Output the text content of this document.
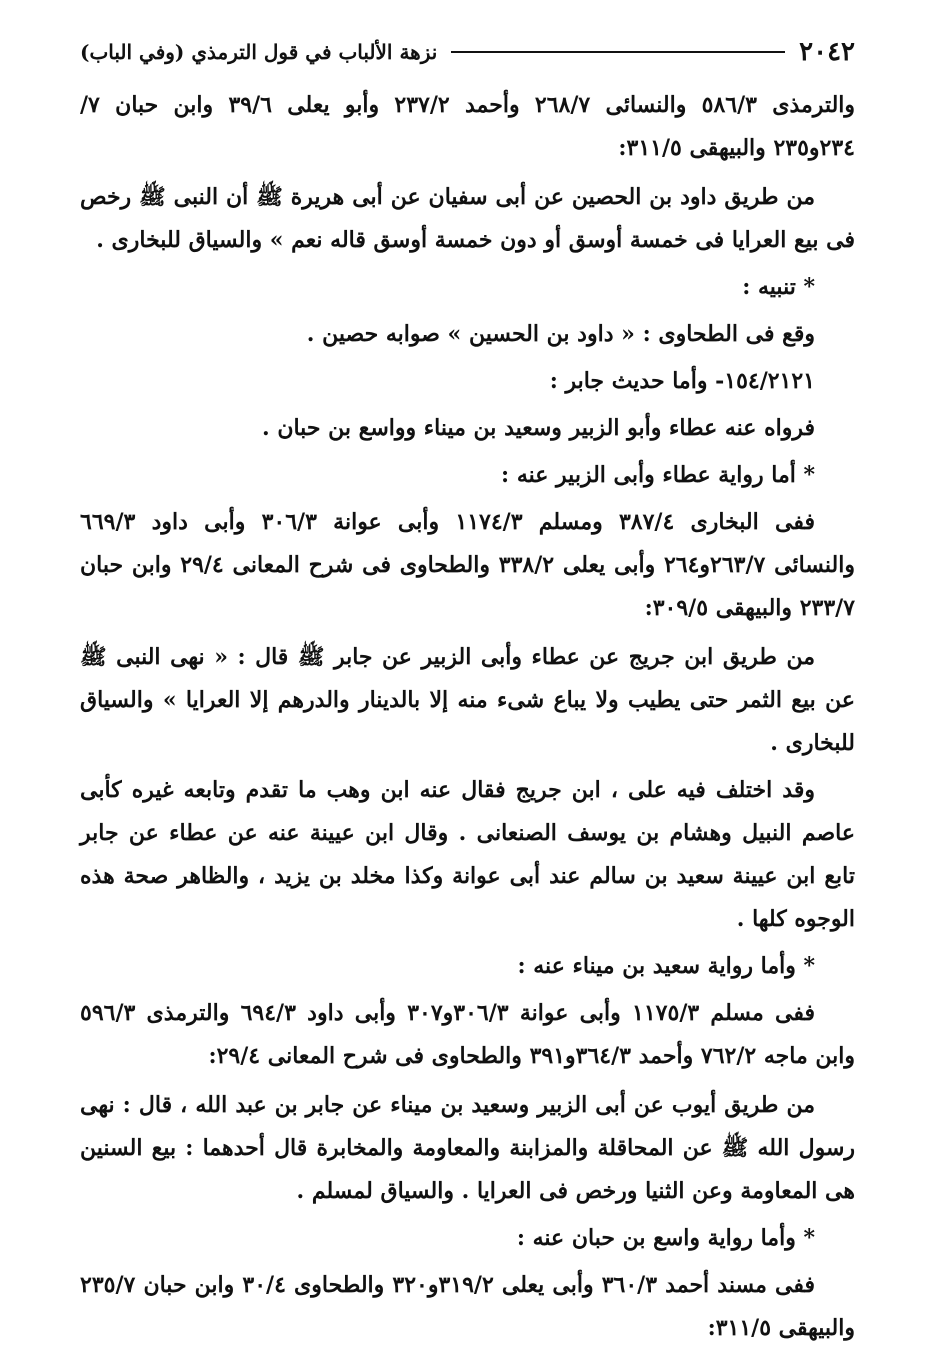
٢٠٤٢
نزهة الألباب في قول الترمذي (وفي الباب)

والترمذى ٥٨٦/٣ والنسائى ٢٦٨/٧ وأحمد ٢٣٧/٢ وأبو يعلى ٣٩/٦ وابن حبان ٧/ ٢٣٤و٢٣٥ والبيهقى ٣١١/٥:

من طريق داود بن الحصين عن أبى سفيان عن أبى هريرة ﷺ أن النبى ﷺ رخص فى بيع العرايا فى خمسة أوسق أو دون خمسة أوسق قاله نعم » والسياق للبخارى .

* تنبيه :

وقع فى الطحاوى : « داود بن الحسين » صوابه حصين .

١٥٤/٢١٢١- وأما حديث جابر :

فرواه عنه عطاء وأبو الزبير وسعيد بن ميناء وواسع بن حبان .

* أما رواية عطاء وأبى الزبير عنه :

ففى البخارى ٣٨٧/٤ ومسلم ١١٧٤/٣ وأبى عوانة ٣٠٦/٣ وأبى داود ٦٦٩/٣ والنسائى ٢٦٣/٧و٢٦٤ وأبى يعلى ٣٣٨/٢ والطحاوى فى شرح المعانى ٢٩/٤ وابن حبان ٢٣٣/٧ والبيهقى ٣٠٩/٥:

من طريق ابن جريج عن عطاء وأبى الزبير عن جابر ﷺ قال : « نهى النبى ﷺ عن بيع الثمر حتى يطيب ولا يباع شىء منه إلا بالدينار والدرهم إلا العرايا » والسياق للبخارى .

وقد اختلف فيه على ، ابن جريج فقال عنه ابن وهب ما تقدم وتابعه غيره كأبى عاصم النبيل وهشام بن يوسف الصنعانى . وقال ابن عيينة عنه عن عطاء عن جابر تابع ابن عيينة سعيد بن سالم عند أبى عوانة وكذا مخلد بن يزيد ، والظاهر صحة هذه الوجوه كلها .

* وأما رواية سعيد بن ميناء عنه :

ففى مسلم ١١٧٥/٣ وأبى عوانة ٣٠٦/٣و٣٠٧ وأبى داود ٦٩٤/٣ والترمذى ٥٩٦/٣ وابن ماجه ٧٦٢/٢ وأحمد ٣٦٤/٣و٣٩١ والطحاوى فى شرح المعانى ٢٩/٤:

من طريق أيوب عن أبى الزبير وسعيد بن ميناء عن جابر بن عبد الله ، قال : نهى رسول الله ﷺ عن المحاقلة والمزابنة والمعاومة والمخابرة قال أحدهما : بيع السنين هى المعاومة وعن الثنيا ورخص فى العرايا . والسياق لمسلم .

* وأما رواية واسع بن حبان عنه :

ففى مسند أحمد ٣٦٠/٣ وأبى يعلى ٣١٩/٢و٣٢٠ والطحاوى ٣٠/٤ وابن حبان ٢٣٥/٧ والبيهقى ٣١١/٥:
